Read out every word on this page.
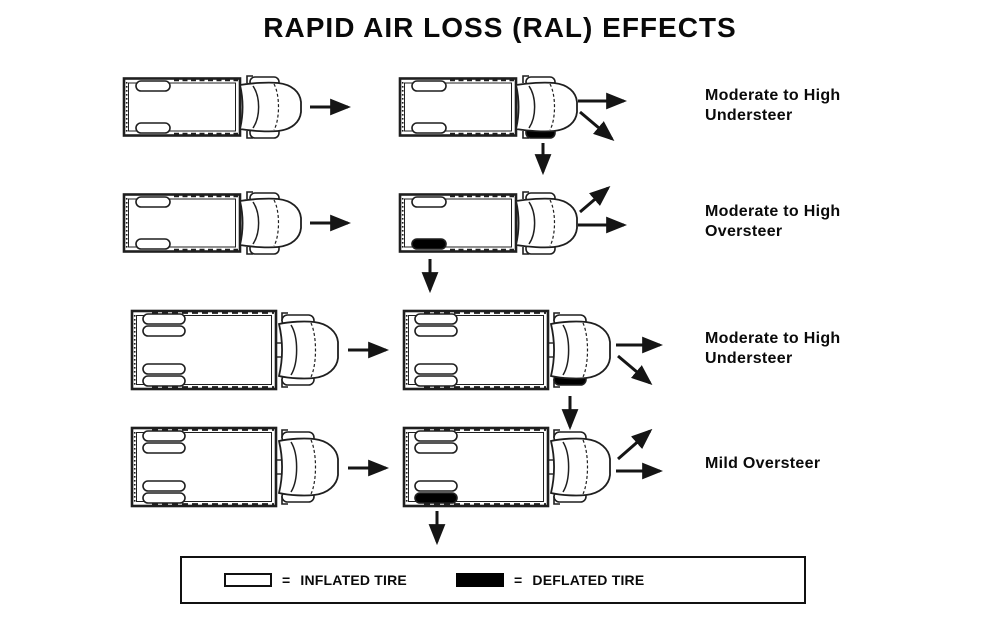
RAPID AIR LOSS (RAL) EFFECTS
Moderate to High
Understeer
Moderate to High
Oversteer
Moderate to High
Understeer
Mild Oversteer
= INFLATED TIRE	= DEFLATED TIRE
